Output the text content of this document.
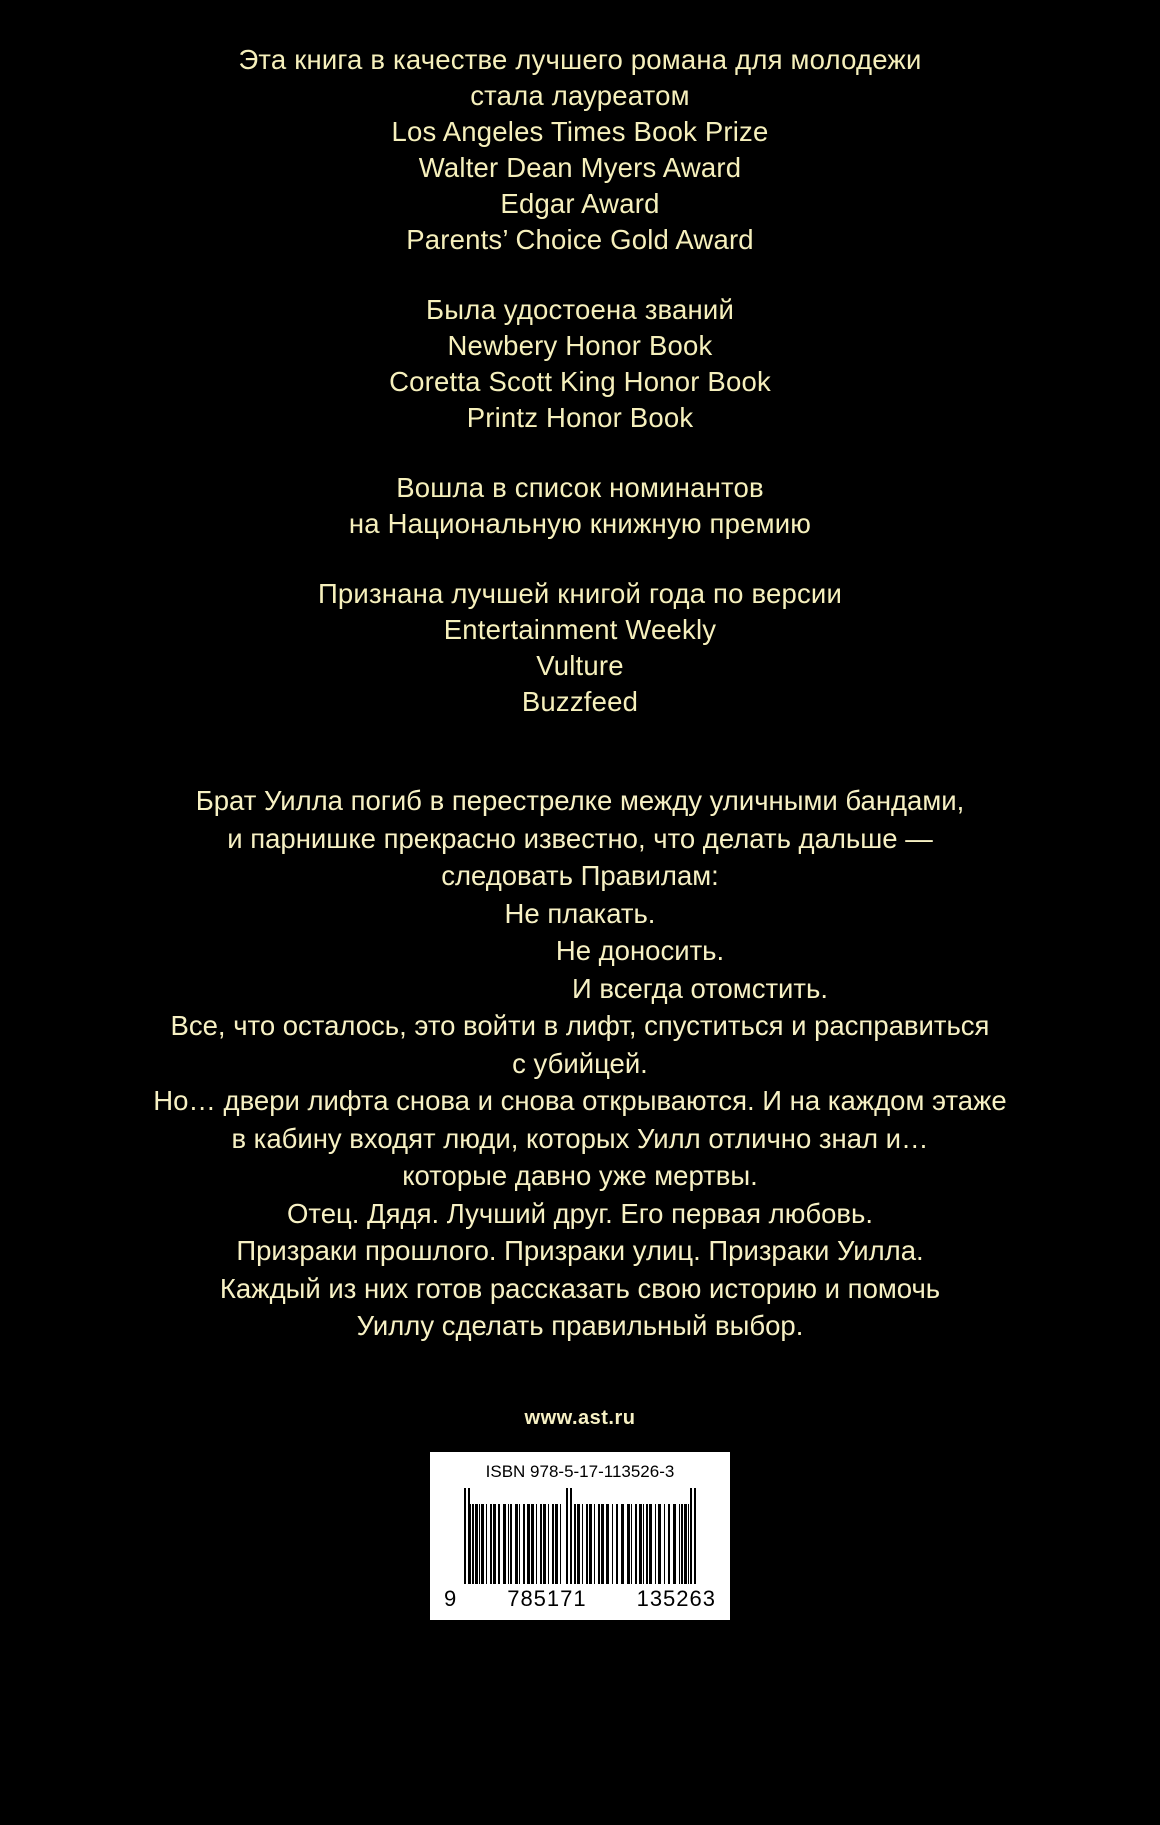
Эта книга в качестве лучшего романа для молодежи
стала лауреатом
Los Angeles Times Book Prize
Walter Dean Myers Award
Edgar Award
Parents’ Choice Gold Award
Была удостоена званий
Newbery Honor Book
Coretta Scott King Honor Book
Printz Honor Book
Вошла в список номинантов
на Национальную книжную премию
Признана лучшей книгой года по версии
Entertainment Weekly
Vulture
Buzzfeed
Брат Уилла погиб в перестрелке между уличными бандами,
и парнишке прекрасно известно, что делать дальше —
следовать Правилам:
Не плакать.
Не доносить.
И всегда отомстить.
Все, что осталось, это войти в лифт, спуститься и расправиться
с убийцей.
Но… двери лифта снова и снова открываются. И на каждом этаже
в кабину входят люди, которых Уилл отлично знал и…
которые давно уже мертвы.
Отец. Дядя. Лучший друг. Его первая любовь.
Призраки прошлого. Призраки улиц. Призраки Уилла.
Каждый из них готов рассказать свою историю и помочь
Уиллу сделать правильный выбор.
www.ast.ru
ISBN 978-5-17-113526-3
9 785171 135263
